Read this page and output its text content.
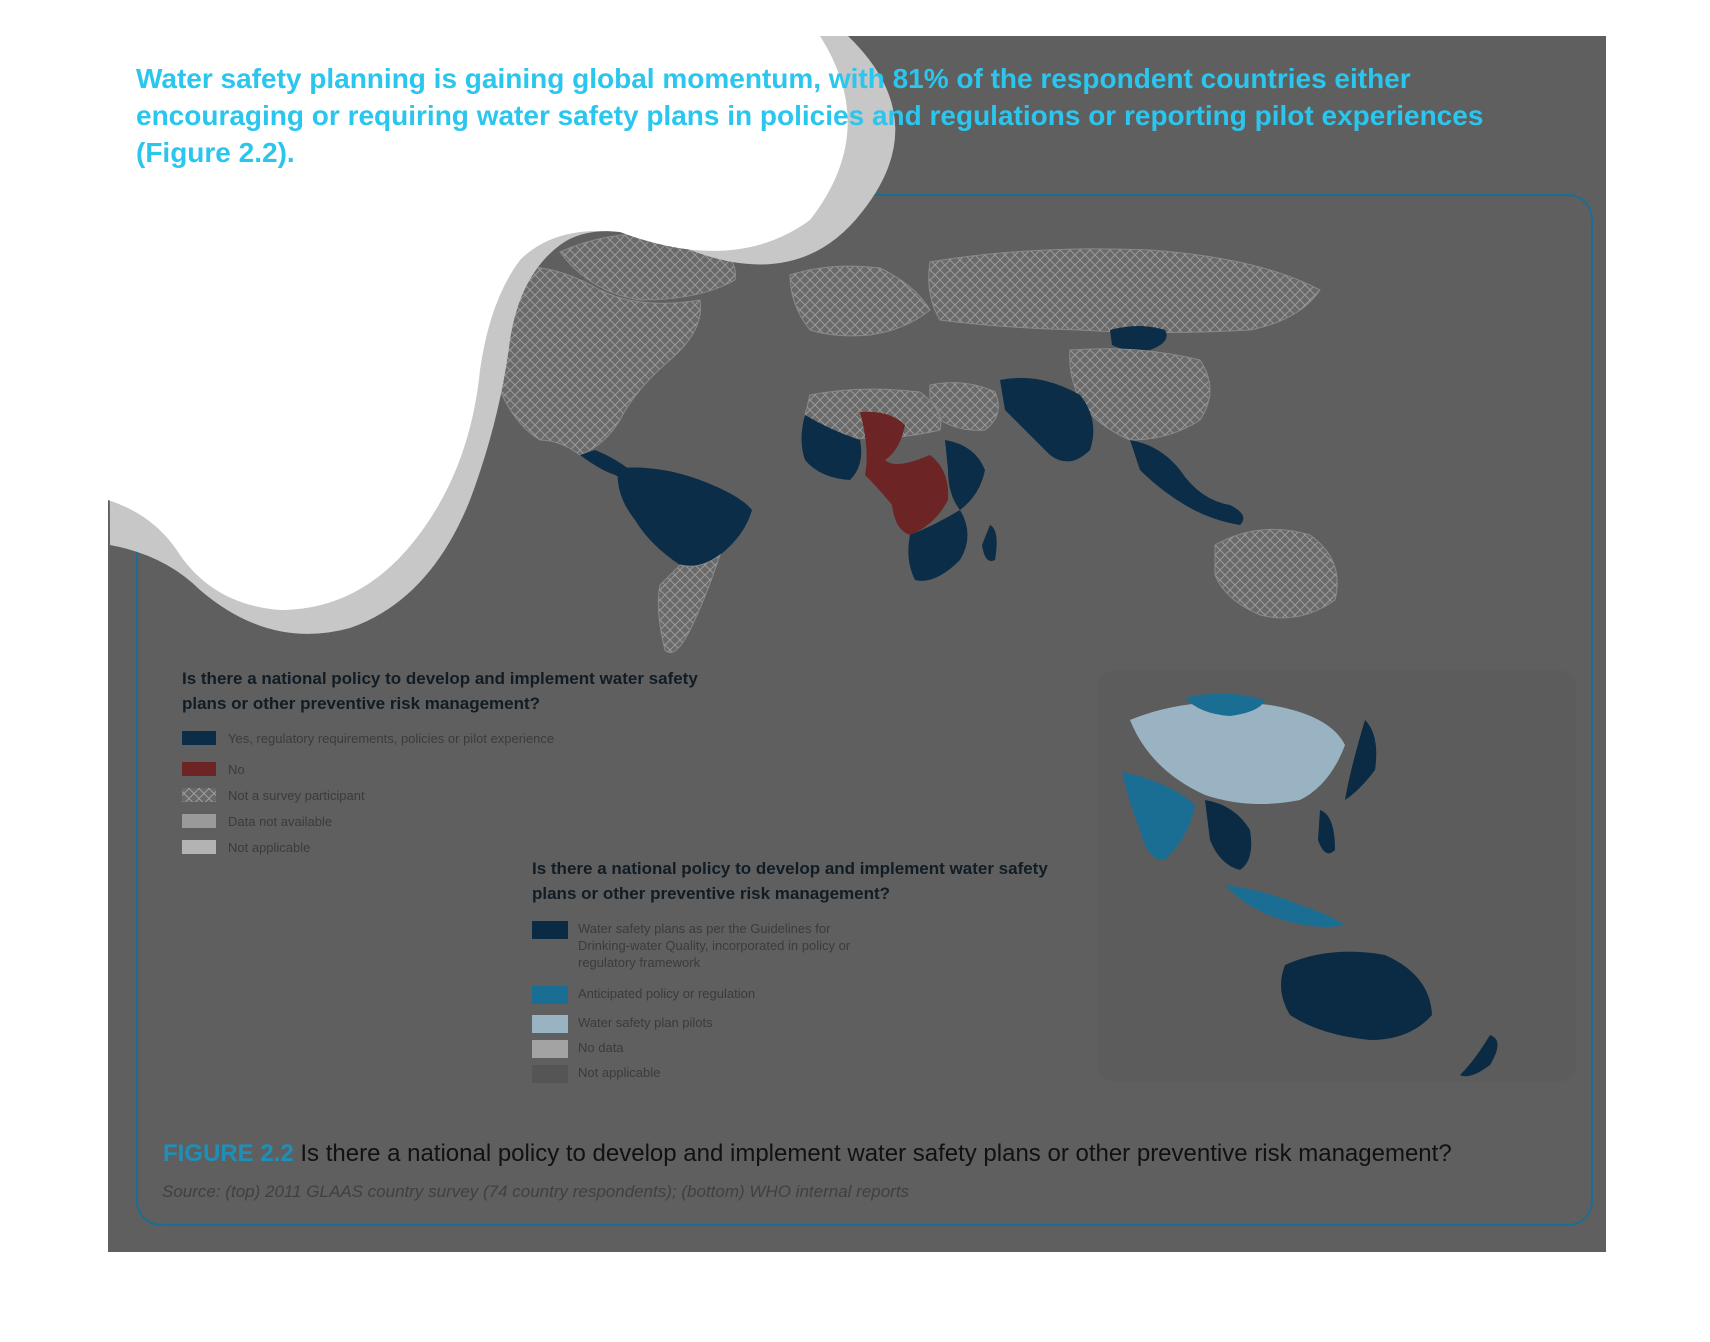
Water safety planning is gaining global momentum, with 81% of the respondent countries either encouraging or requiring water safety plans in policies and regulations or reporting pilot experiences (Figure 2.2).

Is there a national policy to develop and implement water safety plans or other preventive risk management?

Yes, regulatory requirements, policies or pilot experience
No
Not a survey participant
Data not available
Not applicable

Is there a national policy to develop and implement water safety plans or other preventive risk management?

Water safety plans as per the Guidelines for Drinking-water Quality, incorporated in policy or regulatory framework
Anticipated policy or regulation
Water safety plan pilots
No data
Not applicable

FIGURE 2.2 Is there a national policy to develop and implement water safety plans or other preventive risk management?

Source: (top) 2011 GLAAS country survey (74 country respondents); (bottom) WHO internal reports
